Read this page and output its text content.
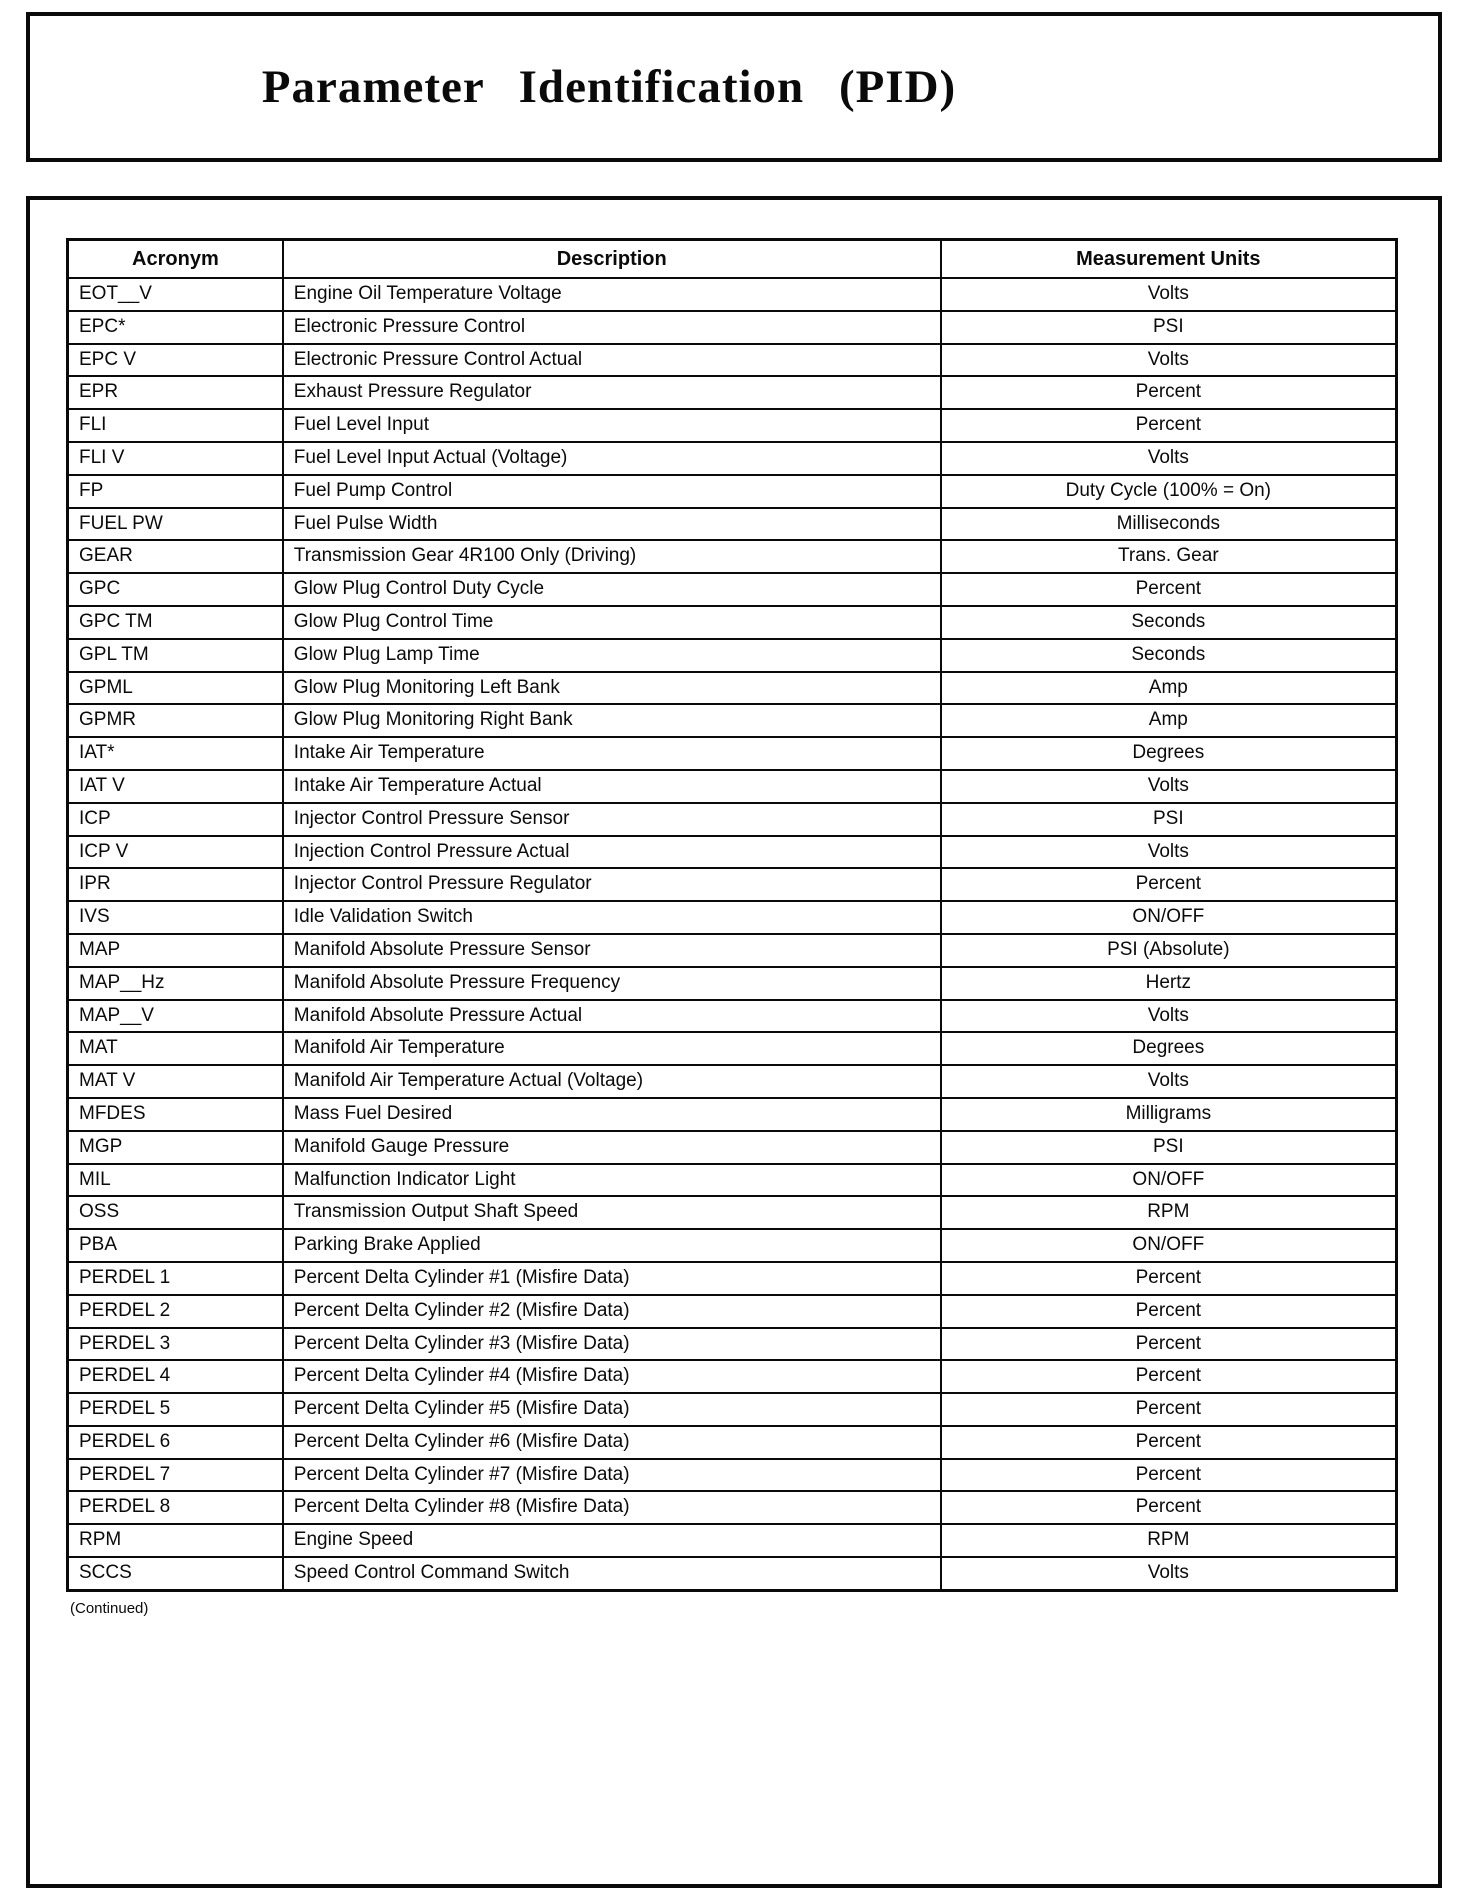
Parameter Identification (PID)
Acronym	Description	Measurement Units
EOT__V	Engine Oil Temperature Voltage	Volts
EPC*	Electronic Pressure Control	PSI
EPC V	Electronic Pressure Control Actual	Volts
EPR	Exhaust Pressure Regulator	Percent
FLI	Fuel Level Input	Percent
FLI V	Fuel Level Input Actual (Voltage)	Volts
FP	Fuel Pump Control	Duty Cycle (100% = On)
FUEL PW	Fuel Pulse Width	Milliseconds
GEAR	Transmission Gear 4R100 Only (Driving)	Trans. Gear
GPC	Glow Plug Control Duty Cycle	Percent
GPC TM	Glow Plug Control Time	Seconds
GPL TM	Glow Plug Lamp Time	Seconds
GPML	Glow Plug Monitoring Left Bank	Amp
GPMR	Glow Plug Monitoring Right Bank	Amp
IAT*	Intake Air Temperature	Degrees
IAT V	Intake Air Temperature Actual	Volts
ICP	Injector Control Pressure Sensor	PSI
ICP V	Injection Control Pressure Actual	Volts
IPR	Injector Control Pressure Regulator	Percent
IVS	Idle Validation Switch	ON/OFF
MAP	Manifold Absolute Pressure Sensor	PSI (Absolute)
MAP__Hz	Manifold Absolute Pressure Frequency	Hertz
MAP__V	Manifold Absolute Pressure Actual	Volts
MAT	Manifold Air Temperature	Degrees
MAT V	Manifold Air Temperature Actual (Voltage)	Volts
MFDES	Mass Fuel Desired	Milligrams
MGP	Manifold Gauge Pressure	PSI
MIL	Malfunction Indicator Light	ON/OFF
OSS	Transmission Output Shaft Speed	RPM
PBA	Parking Brake Applied	ON/OFF
PERDEL 1	Percent Delta Cylinder #1 (Misfire Data)	Percent
PERDEL 2	Percent Delta Cylinder #2 (Misfire Data)	Percent
PERDEL 3	Percent Delta Cylinder #3 (Misfire Data)	Percent
PERDEL 4	Percent Delta Cylinder #4 (Misfire Data)	Percent
PERDEL 5	Percent Delta Cylinder #5 (Misfire Data)	Percent
PERDEL 6	Percent Delta Cylinder #6 (Misfire Data)	Percent
PERDEL 7	Percent Delta Cylinder #7 (Misfire Data)	Percent
PERDEL 8	Percent Delta Cylinder #8 (Misfire Data)	Percent
RPM	Engine Speed	RPM
SCCS	Speed Control Command Switch	Volts
(Continued)
